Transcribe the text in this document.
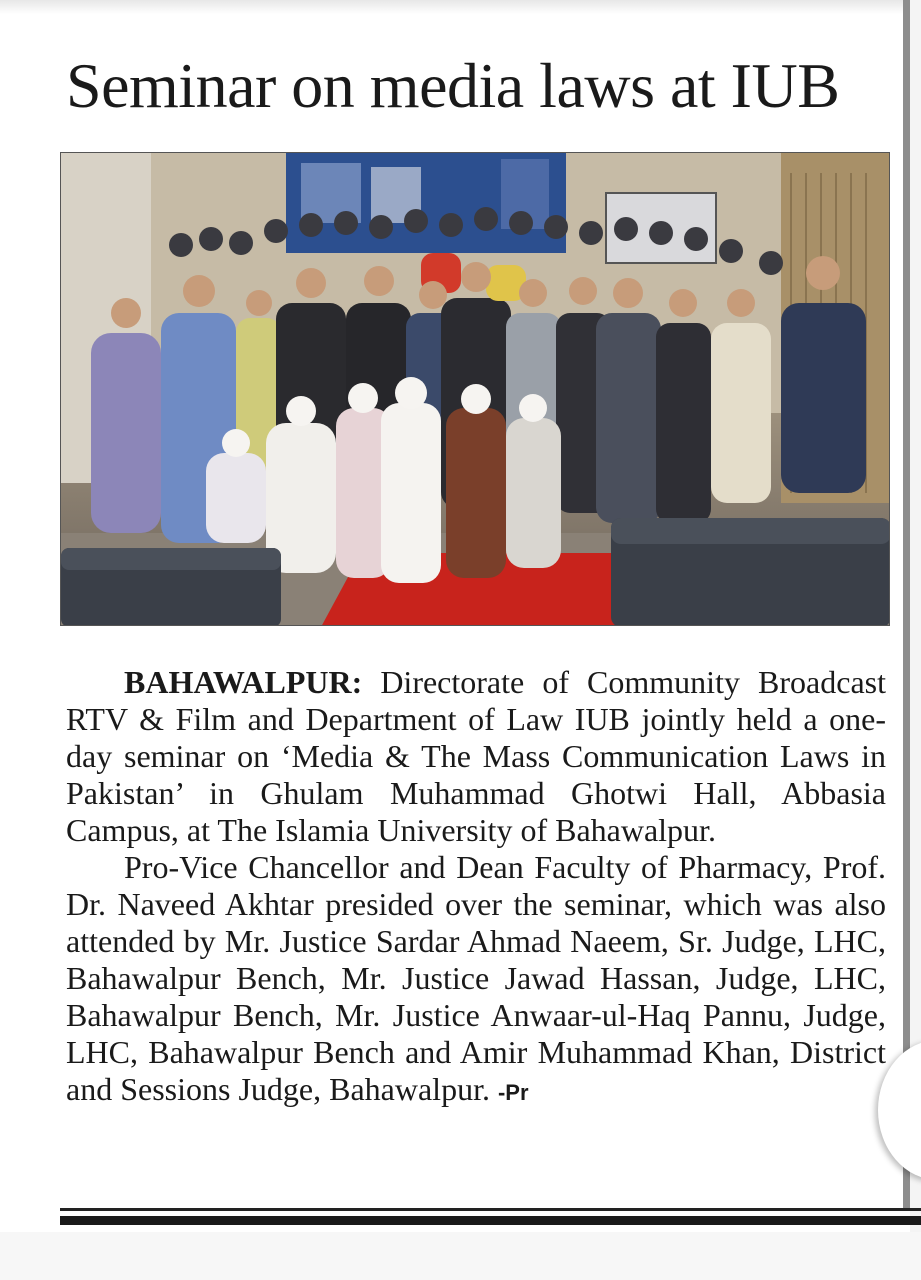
Seminar on media laws at IUB

BAHAWALPUR: Directorate of Community Broadcast RTV & Film and Department of Law IUB jointly held a one-day seminar on ‘Media & The Mass Communication Laws in Pakistan’ in Ghulam Muhammad Ghotwi Hall, Abbasia Campus, at The Islamia University of Bahawalpur.

Pro-Vice Chancellor and Dean Faculty of Pharmacy, Prof. Dr. Naveed Akhtar presided over the seminar, which was also attended by Mr. Justice Sardar Ahmad Naeem, Sr. Judge, LHC, Bahawalpur Bench, Mr. Justice Jawad Hassan, Judge, LHC, Bahawalpur Bench, Mr. Justice Anwaar-ul-Haq Pannu, Judge, LHC, Bahawalpur Bench and Amir Muhammad Khan, District and Sessions Judge, Bahawalpur. -Pr
